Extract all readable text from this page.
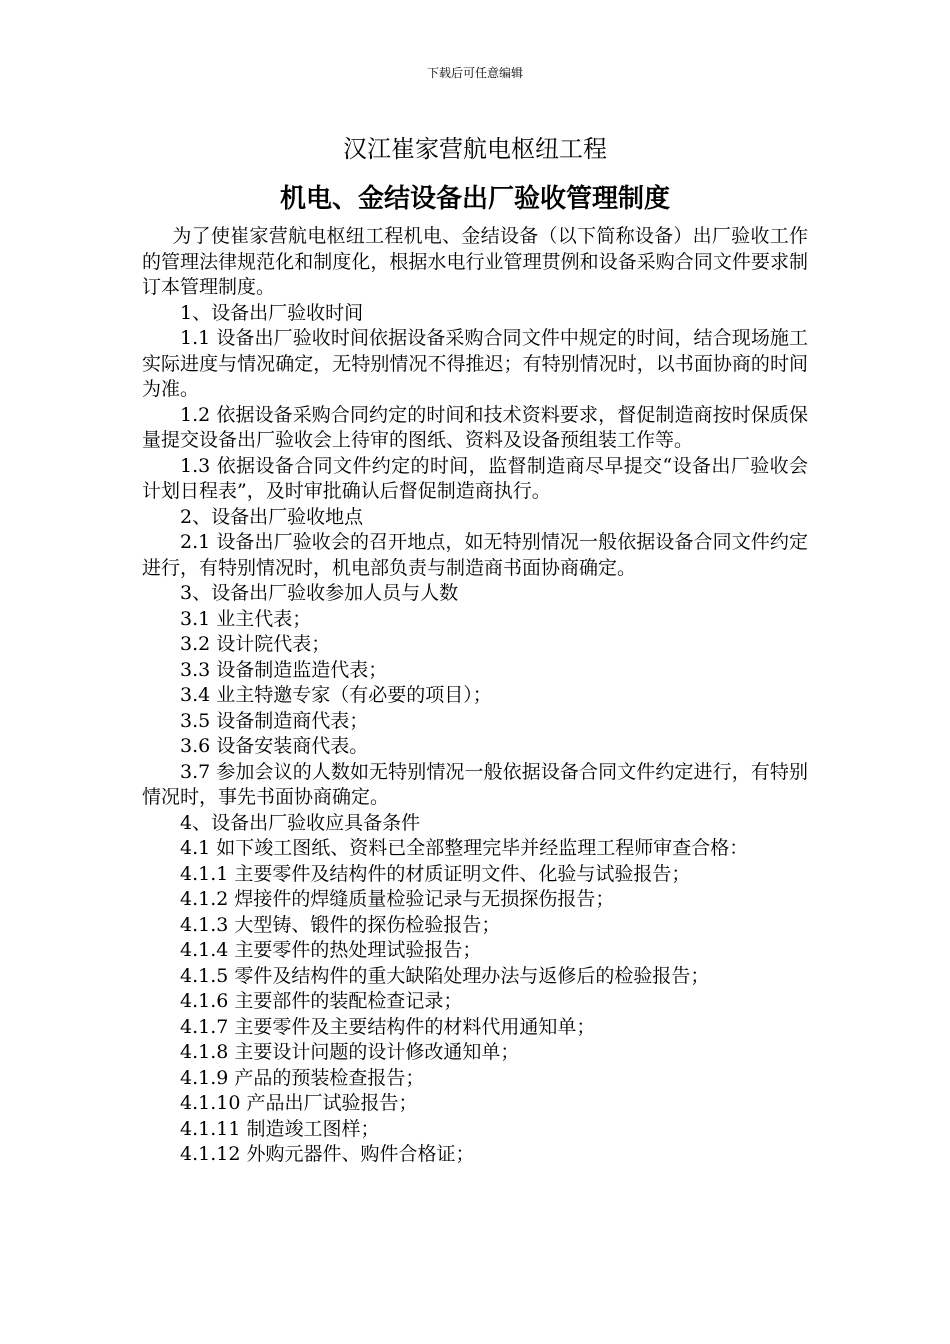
下载后可任意编辑
汉江崔家营航电枢纽工程
机电、金结设备出厂验收管理制度

为了使崔家营航电枢纽工程机电、金结设备（以下简称设备）出厂验收工作的管理法律规范化和制度化，根据水电行业管理贯例和设备采购合同文件要求制订本管理制度。

1、设备出厂验收时间

1.1 设备出厂验收时间依据设备采购合同文件中规定的时间，结合现场施工实际进度与情况确定，无特别情况不得推迟；有特别情况时，以书面协商的时间为准。

1.2 依据设备采购合同约定的时间和技术资料要求，督促制造商按时保质保量提交设备出厂验收会上待审的图纸、资料及设备预组装工作等。

1.3 依据设备合同文件约定的时间，监督制造商尽早提交“设备出厂验收会计划日程表”，及时审批确认后督促制造商执行。

2、设备出厂验收地点

2.1 设备出厂验收会的召开地点，如无特别情况一般依据设备合同文件约定进行，有特别情况时，机电部负责与制造商书面协商确定。

3、设备出厂验收参加人员与人数

3.1 业主代表；

3.2 设计院代表；

3.3 设备制造监造代表；

3.4 业主特邀专家（有必要的项目）；

3.5 设备制造商代表；

3.6 设备安装商代表。

3.7 参加会议的人数如无特别情况一般依据设备合同文件约定进行，有特别情况时，事先书面协商确定。

4、设备出厂验收应具备条件

4.1 如下竣工图纸、资料已全部整理完毕并经监理工程师审查合格：

4.1.1 主要零件及结构件的材质证明文件、化验与试验报告；

4.1.2 焊接件的焊缝质量检验记录与无损探伤报告；

4.1.3 大型铸、锻件的探伤检验报告；

4.1.4 主要零件的热处理试验报告；

4.1.5 零件及结构件的重大缺陷处理办法与返修后的检验报告；

4.1.6 主要部件的装配检查记录；

4.1.7 主要零件及主要结构件的材料代用通知单；

4.1.8 主要设计问题的设计修改通知单；

4.1.9 产品的预装检查报告；

4.1.10 产品出厂试验报告；

4.1.11 制造竣工图样；

4.1.12 外购元器件、购件合格证；
